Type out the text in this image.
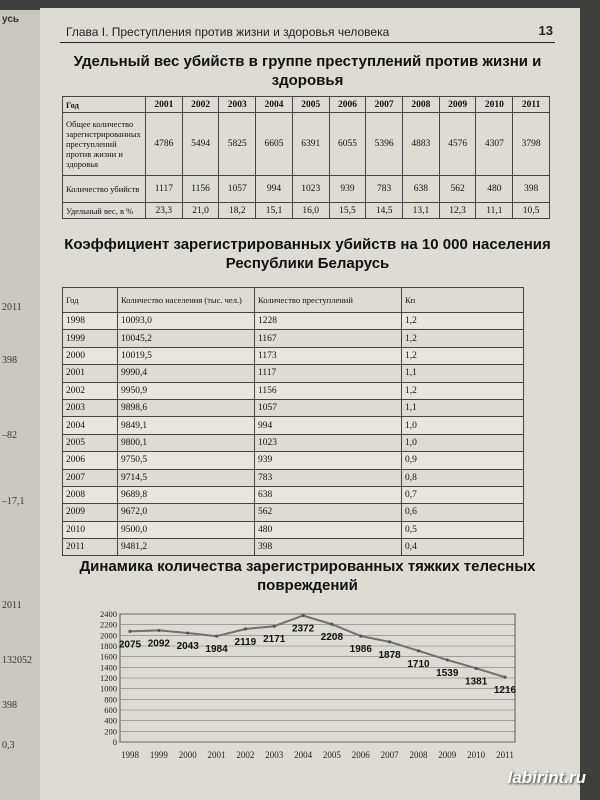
усь
2011
398
–82
–17,1
2011
132052
398
0,3
Глава I. Преступления против жизни и здоровья человека	13
Удельный вес убийств в группе преступлений против жизни и здоровья
Год	2001	2002	2003	2004	2005	2006	2007	2008	2009	2010	2011
Общее количество зарегистрированных преступлений против жизни и здоровья	4786	5494	5825	6605	6391	6055	5396	4883	4576	4307	3798
Количество убийств	1117	1156	1057	994	1023	939	783	638	562	480	398
Удельный вес, в %	23,3	21,0	18,2	15,1	16,0	15,5	14,5	13,1	12,3	11,1	10,5
Коэффициент зарегистрированных убийств на 10 000 населения Республики Беларусь
Год	Количество населения (тыс. чел.)	Количество преступлений	Кп
1998	10093,0	1228	1,2
1999	10045,2	1167	1,2
2000	10019,5	1173	1,2
2001	9990,4	1117	1,1
2002	9950,9	1156	1,2
2003	9898,6	1057	1,1
2004	9849,1	994	1,0
2005	9800,1	1023	1,0
2006	9750,5	939	0,9
2007	9714,5	783	0,8
2008	9689,8	638	0,7
2009	9672,0	562	0,6
2010	9500,0	480	0,5
2011	9481,2	398	0,4
Динамика количества зарегистрированных тяжких телесных повреждений
0
200
400
600
800
1000
1200
1400
1600
1800
2000
2200
2400
1998 1999 2000 2001 2002 2003 2004 2005 2006 2007 2008 2009 2010 2011
2075 2092 2043 1984
2119 2171
2372
2208
1986
1878
1710
1539
1381
1216
labirint.ru
